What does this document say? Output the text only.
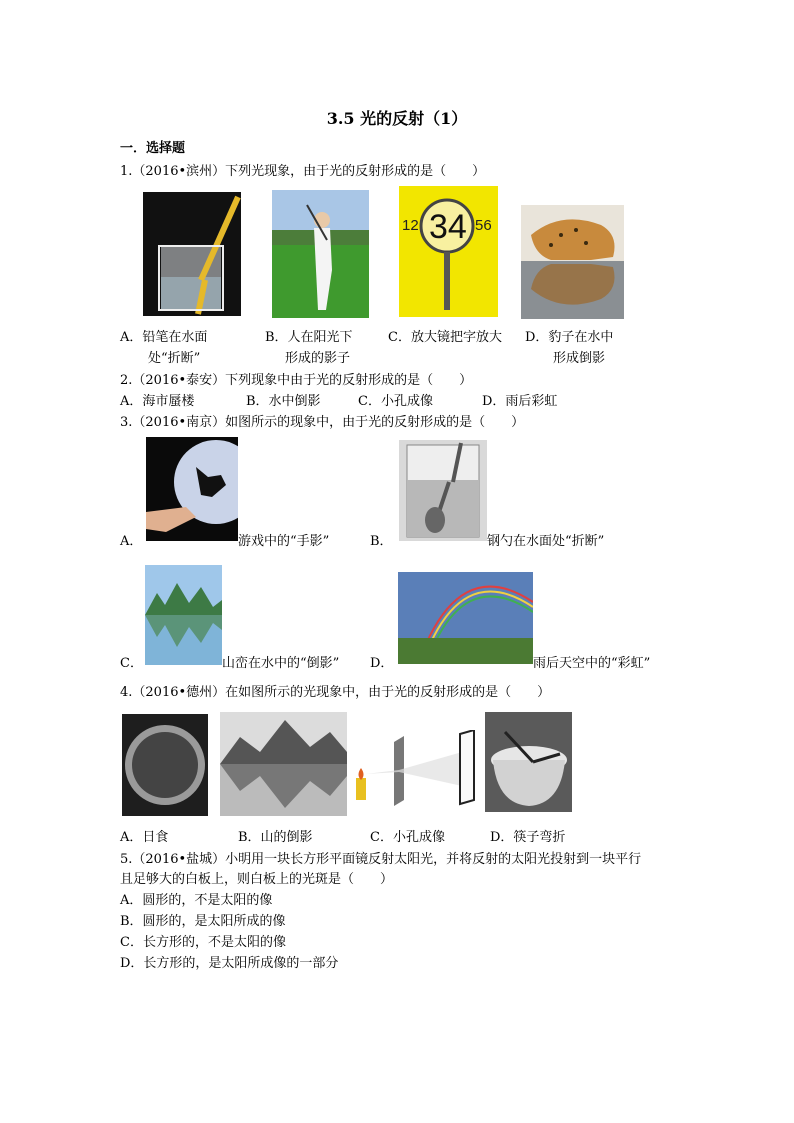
3.5 光的反射（1）
一．选择题
1.（2016•滨州）下列光现象，由于光的反射形成的是（　　）
12 34 56
A．铅笔在水面
处“折断”
B．人在阳光下
形成的影子
C．放大镜把字放大 D．豹子在水中
形成倒影
2.（2016•泰安）下列现象中由于光的反射形成的是（　　）
A．海市蜃楼	B．水中倒影	C．小孔成像	D．雨后彩虹
3.（2016•南京）如图所示的现象中，由于光的反射形成的是（　　）
A．	游戏中的“手影”	B．	钢勺在水面处“折断”
C．	山峦在水中的“倒影” D．	雨后天空中的“彩虹”
4.（2016•德州）在如图所示的光现象中，由于光的反射形成的是（　　）
A．日食	B．山的倒影	C．小孔成像	D．筷子弯折
5.（2016•盐城）小明用一块长方形平面镜反射太阳光，并将反射的太阳光投射到一块平行
且足够大的白板上，则白板上的光斑是（　　）
A．圆形的，不是太阳的像
B．圆形的，是太阳所成的像
C．长方形的，不是太阳的像
D．长方形的，是太阳所成像的一部分
